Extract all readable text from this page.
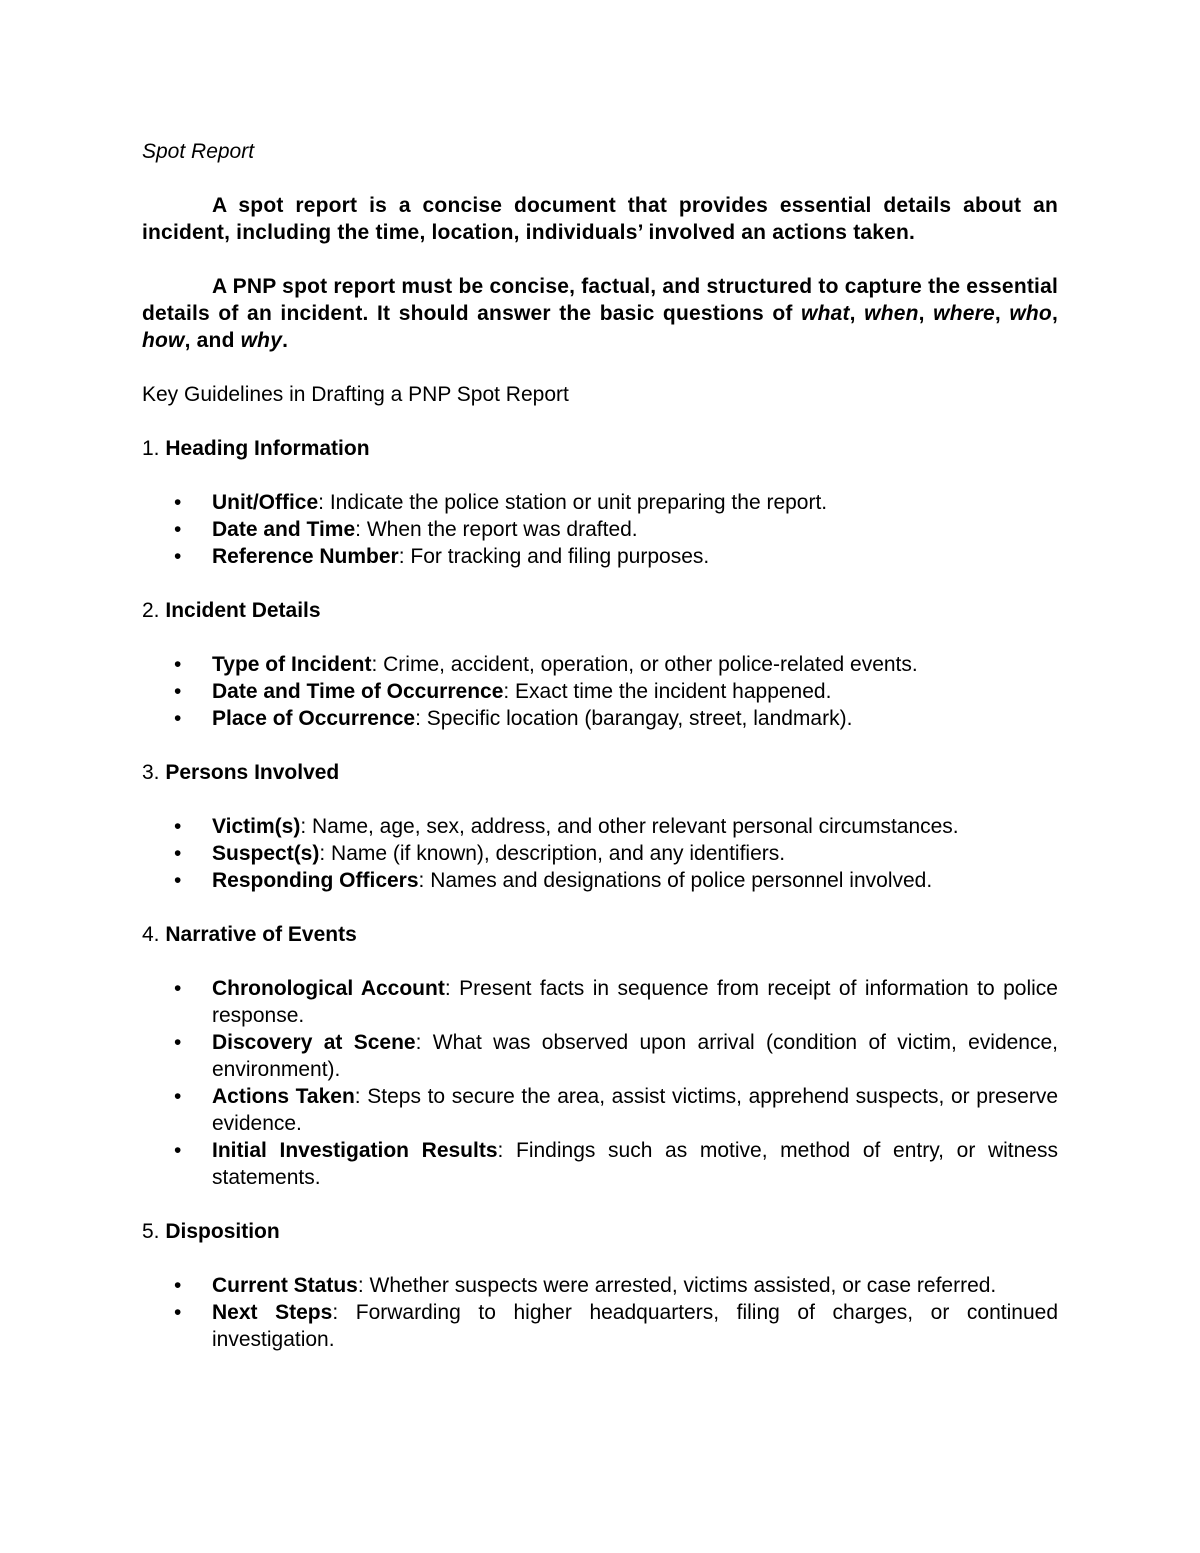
Spot Report
A spot report is a concise document that provides essential details about an incident, including the time, location, individuals’ involved an actions taken.
A PNP spot report must be concise, factual, and structured to capture the essential details of an incident. It should answer the basic questions of what, when, where, who, how, and why.
Key Guidelines in Drafting a PNP Spot Report
1. Heading Information
• Unit/Office: Indicate the police station or unit preparing the report.
• Date and Time: When the report was drafted.
• Reference Number: For tracking and filing purposes.
2. Incident Details
• Type of Incident: Crime, accident, operation, or other police-related events.
• Date and Time of Occurrence: Exact time the incident happened.
• Place of Occurrence: Specific location (barangay, street, landmark).
3. Persons Involved
• Victim(s): Name, age, sex, address, and other relevant personal circumstances.
• Suspect(s): Name (if known), description, and any identifiers.
• Responding Officers: Names and designations of police personnel involved.
4. Narrative of Events
• Chronological Account: Present facts in sequence from receipt of information to police response.
• Discovery at Scene: What was observed upon arrival (condition of victim, evidence, environment).
• Actions Taken: Steps to secure the area, assist victims, apprehend suspects, or preserve evidence.
• Initial Investigation Results: Findings such as motive, method of entry, or witness statements.
5. Disposition
• Current Status: Whether suspects were arrested, victims assisted, or case referred.
• Next Steps: Forwarding to higher headquarters, filing of charges, or continued investigation.
